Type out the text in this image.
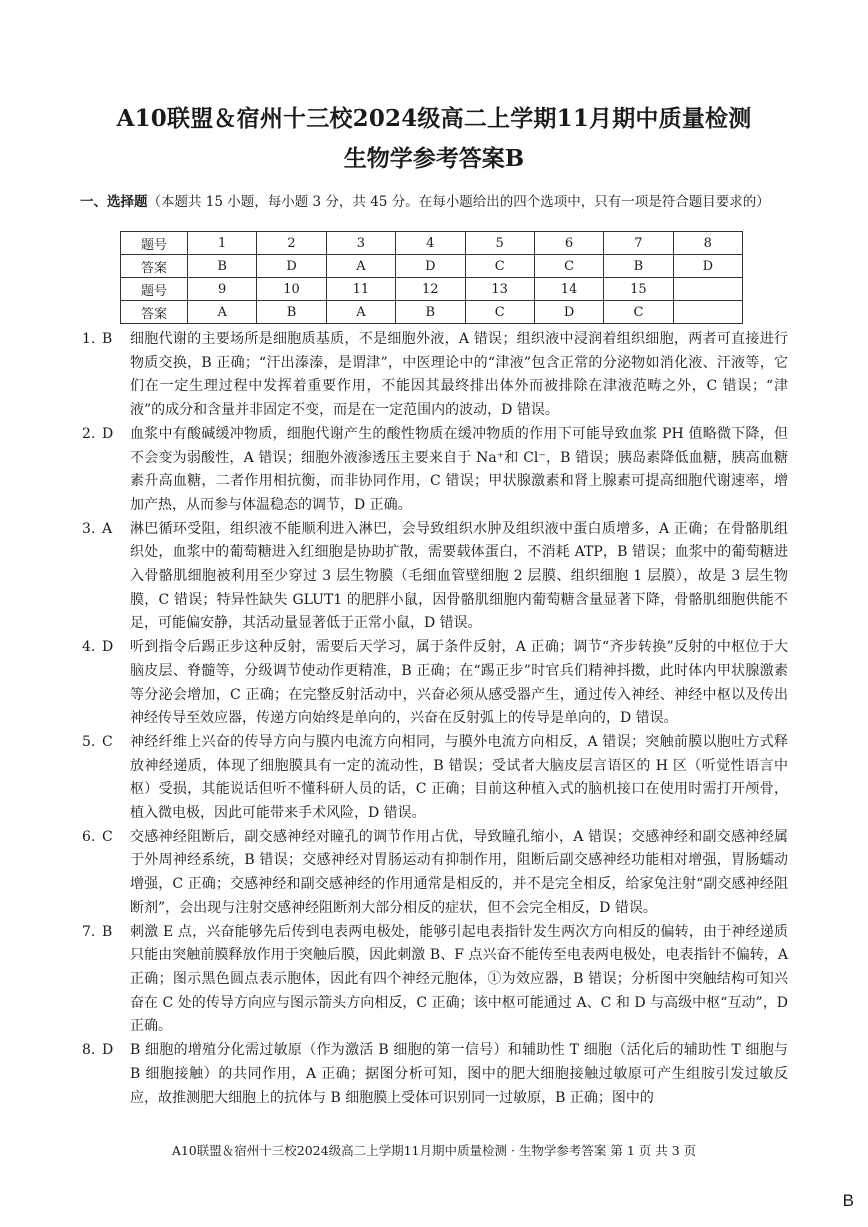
A10联盟＆宿州十三校2024级高二上学期11月期中质量检测
生物学参考答案B
一、选择题（本题共 15 小题，每小题 3 分，共 45 分。在每小题给出的四个选项中，只有一项是符合题目要求的）
题号	1	2	3	4	5	6	7	8
答案	B	D	A	D	C	C	B	D
题号	9	10	11	12	13	14	15	
答案	A	B	A	B	C	D	C	
1. B	细胞代谢的主要场所是细胞质基质，不是细胞外液，A 错误；组织液中浸润着组织细胞，两者可直接进行物质交换，B 正确；“汗出溱溱，是谓津”，中医理论中的“津液”包含正常的分泌物如消化液、汗液等，它们在一定生理过程中发挥着重要作用，不能因其最终排出体外而被排除在津液范畴之外，C 错误；“津液”的成分和含量并非固定不变，而是在一定范围内的波动，D 错误。
2. D	血浆中有酸碱缓冲物质，细胞代谢产生的酸性物质在缓冲物质的作用下可能导致血浆 PH 值略微下降，但不会变为弱酸性，A 错误；细胞外液渗透压主要来自于 Na⁺和 Cl⁻，B 错误；胰岛素降低血糖，胰高血糖素升高血糖，二者作用相抗衡，而非协同作用，C 错误；甲状腺激素和肾上腺素可提高细胞代谢速率，增加产热，从而参与体温稳态的调节，D 正确。
3. A	淋巴循环受阻，组织液不能顺利进入淋巴，会导致组织水肿及组织液中蛋白质增多，A 正确；在骨骼肌组织处，血浆中的葡萄糖进入红细胞是协助扩散，需要载体蛋白，不消耗 ATP，B 错误；血浆中的葡萄糖进入骨骼肌细胞被利用至少穿过 3 层生物膜（毛细血管壁细胞 2 层膜、组织细胞 1 层膜），故是 3 层生物膜，C 错误；特异性缺失 GLUT1 的肥胖小鼠，因骨骼肌细胞内葡萄糖含量显著下降，骨骼肌细胞供能不足，可能偏安静，其活动量显著低于正常小鼠，D 错误。
4. D	听到指令后踢正步这种反射，需要后天学习，属于条件反射，A 正确；调节“齐步转换”反射的中枢位于大脑皮层、脊髓等，分级调节使动作更精准，B 正确；在“踢正步”时官兵们精神抖擞，此时体内甲状腺激素等分泌会增加，C 正确；在完整反射活动中，兴奋必须从感受器产生，通过传入神经、神经中枢以及传出神经传导至效应器，传递方向始终是单向的，兴奋在反射弧上的传导是单向的，D 错误。
5. C	神经纤维上兴奋的传导方向与膜内电流方向相同，与膜外电流方向相反，A 错误；突触前膜以胞吐方式释放神经递质，体现了细胞膜具有一定的流动性，B 错误；受试者大脑皮层言语区的 H 区（听觉性语言中枢）受损，其能说话但听不懂科研人员的话，C 正确；目前这种植入式的脑机接口在使用时需打开颅骨，植入微电极，因此可能带来手术风险，D 错误。
6. C	交感神经阻断后，副交感神经对瞳孔的调节作用占优，导致瞳孔缩小，A 错误；交感神经和副交感神经属于外周神经系统，B 错误；交感神经对胃肠运动有抑制作用，阻断后副交感神经功能相对增强，胃肠蠕动增强，C 正确；交感神经和副交感神经的作用通常是相反的，并不是完全相反，给家兔注射“副交感神经阻断剂”，会出现与注射交感神经阻断剂大部分相反的症状，但不会完全相反，D 错误。
7. B	刺激 E 点，兴奋能够先后传到电表两电极处，能够引起电表指针发生两次方向相反的偏转，由于神经递质只能由突触前膜释放作用于突触后膜，因此刺激 B、F 点兴奋不能传至电表两电极处，电表指针不偏转，A 正确；图示黑色圆点表示胞体，因此有四个神经元胞体，①为效应器，B 错误；分析图中突触结构可知兴奋在 C 处的传导方向应与图示箭头方向相反，C 正确；该中枢可能通过 A、C 和 D 与高级中枢“互动”，D 正确。
8. D	B 细胞的增殖分化需过敏原（作为激活 B 细胞的第一信号）和辅助性 T 细胞（活化后的辅助性 T 细胞与 B 细胞接触）的共同作用，A 正确；据图分析可知，图中的肥大细胞接触过敏原可产生组胺引发过敏反应，故推测肥大细胞上的抗体与 B 细胞膜上受体可识别同一过敏原，B 正确；图中的
A10联盟＆宿州十三校2024级高二上学期11月期中质量检测 · 生物学参考答案 第 1 页 共 3 页
B
